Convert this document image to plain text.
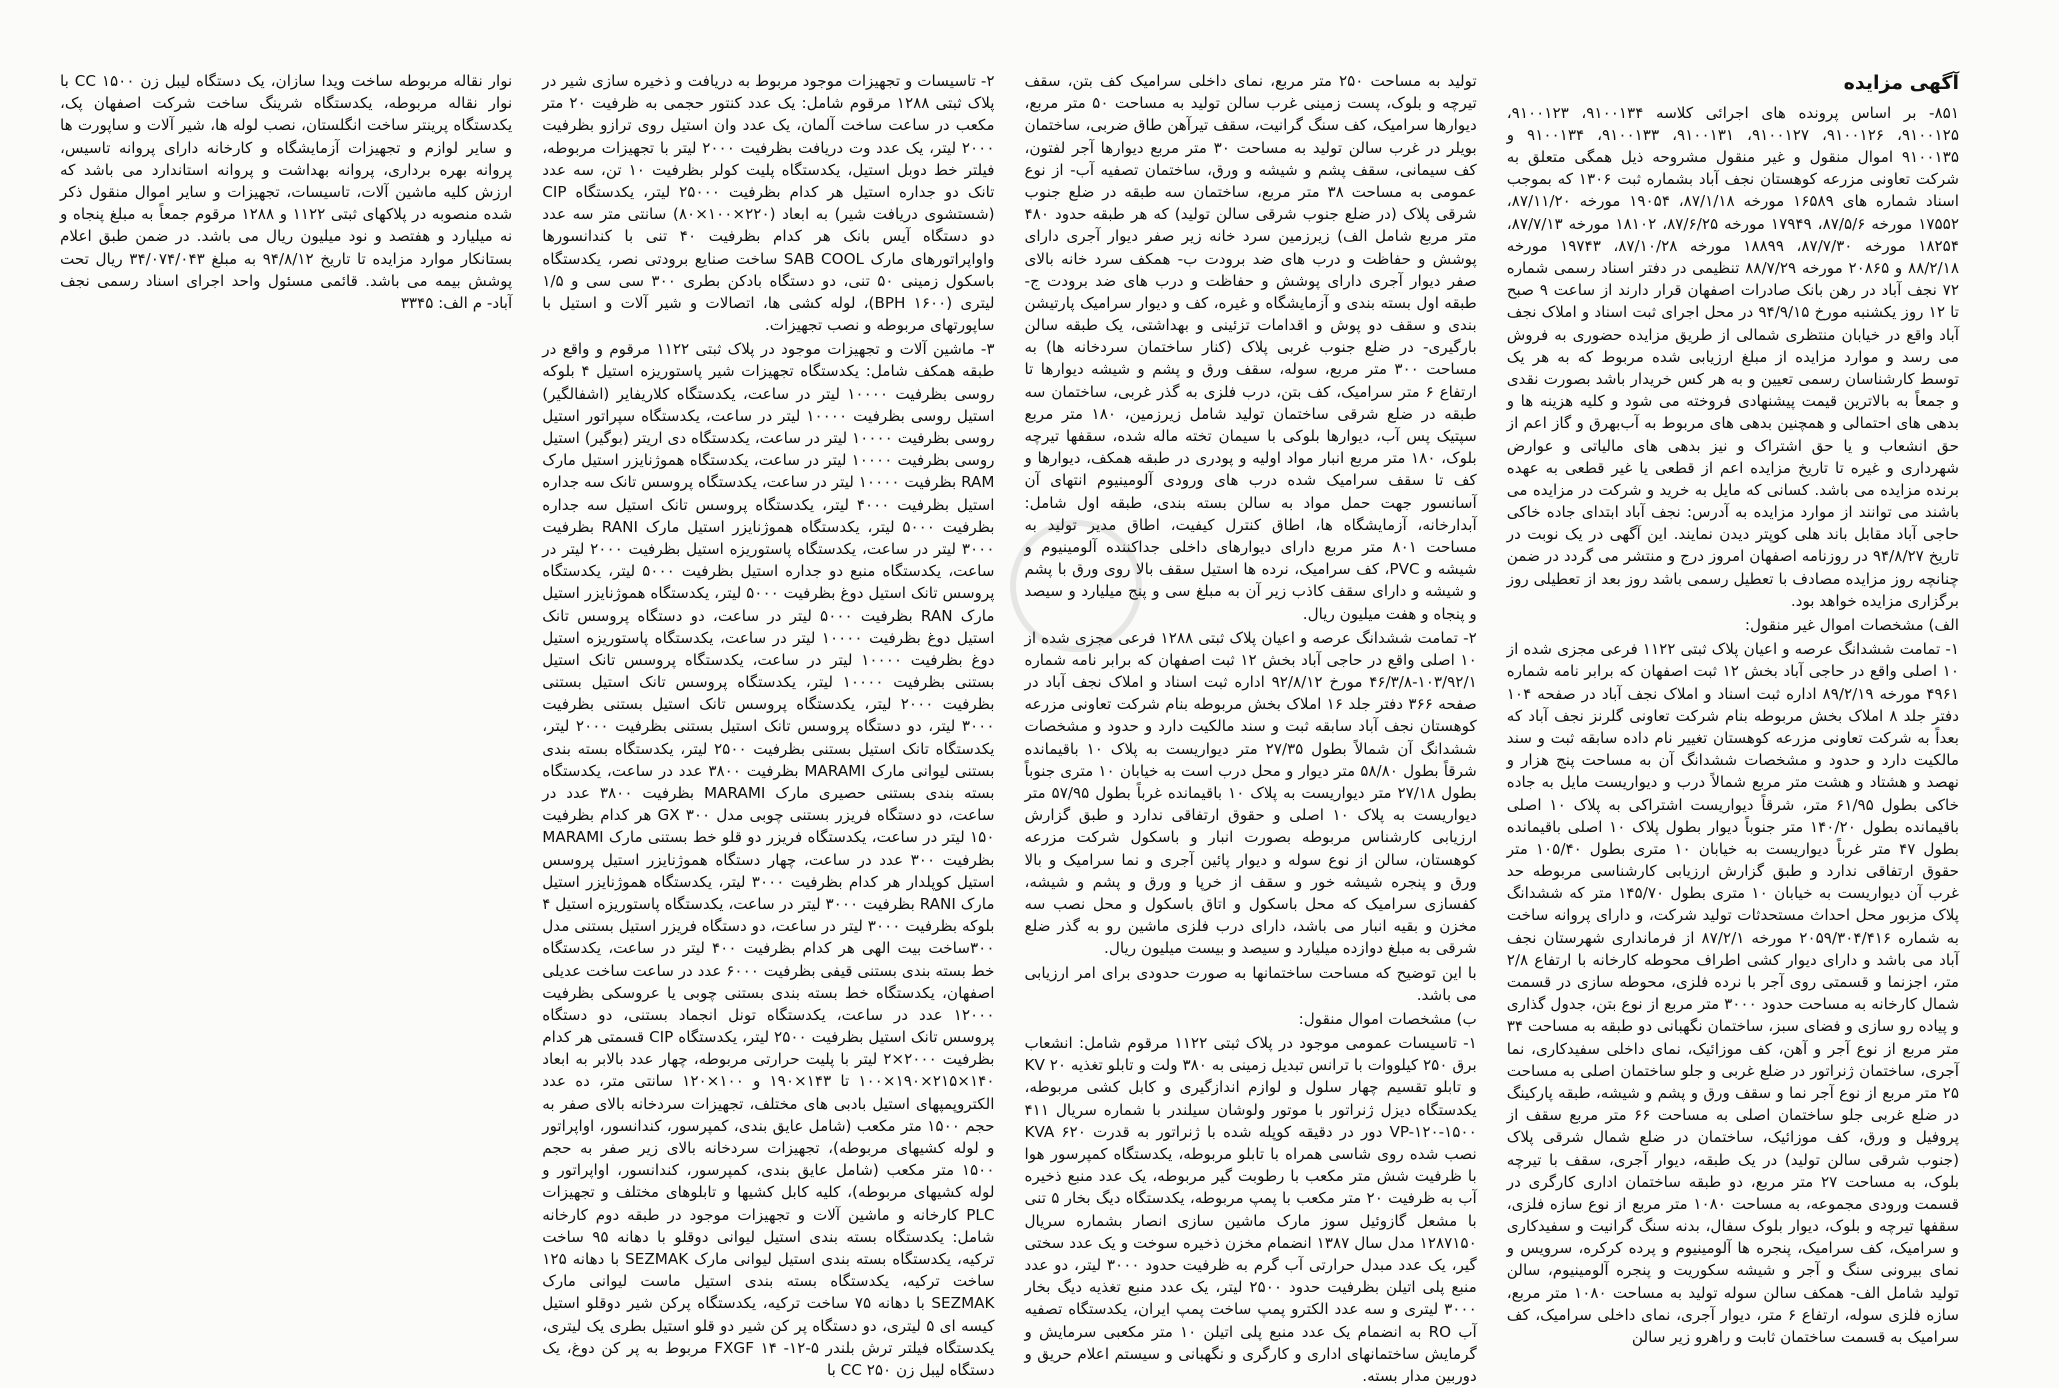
آگهی مزایده

۸۵۱- بر اساس پرونده های اجرائی کلاسه ۹۱۰۰۱۳۴، ۹۱۰۰۱۲۳، ۹۱۰۰۱۲۵، ۹۱۰۰۱۲۶، ۹۱۰۰۱۲۷، ۹۱۰۰۱۳۱، ۹۱۰۰۱۳۳، ۹۱۰۰۱۳۴ و ۹۱۰۰۱۳۵ اموال منقول و غیر منقول مشروحه ذیل همگی متعلق به شرکت تعاونی مزرعه کوهستان نجف آباد بشماره ثبت ۱۳۰۶ که بموجب اسناد شماره های ۱۶۵۸۹ مورخه ۸۷/۱/۱۸، ۱۹۰۵۴ مورخه ۸۷/۱۱/۲۰، ۱۷۵۵۲ مورخه ۸۷/۵/۶، ۱۷۹۴۹ مورخه ۸۷/۶/۲۵، ۱۸۱۰۲ مورخه ۸۷/۷/۱۳، ۱۸۲۵۴ مورخه ۸۷/۷/۳۰، ۱۸۸۹۹ مورخه ۸۷/۱۰/۲۸، ۱۹۷۴۳ مورخه ۸۸/۲/۱۸ و ۲۰۸۶۵ مورخه ۸۸/۷/۲۹ تنظیمی در دفتر اسناد رسمی شماره ۷۲ نجف آباد در رهن بانک صادرات اصفهان قرار دارند از ساعت ۹ صبح تا ۱۲ روز یکشنبه مورخ ۹۴/۹/۱۵ در محل اجرای ثبت اسناد و املاک نجف آباد واقع در خیابان منتظری شمالی از طریق مزایده حضوری به فروش می رسد و موارد مزایده از مبلغ ارزیابی شده مربوط که به هر یک توسط کارشناسان رسمی تعیین و به هر کس خریدار باشد بصورت نقدی و جمعاً به بالاترین قیمت پیشنهادی فروخته می شود و کلیه هزینه ها و بدهی های احتمالی و همچنین بدهی های مربوط به آب‌بهرق و گاز اعم از حق انشعاب و یا حق اشتراک و نیز بدهی های مالیاتی و عوارض شهرداری و غیره تا تاریخ مزایده اعم از قطعی یا غیر قطعی به عهده برنده مزایده می باشد. کسانی که مایل به خرید و شرکت در مزایده می باشند می توانند از موارد مزایده به آدرس: نجف آباد ابتدای جاده خاکی حاجی آباد مقابل باند هلی کوپتر دیدن نمایند. این آگهی در یک نوبت در تاریخ ۹۴/۸/۲۷ در روزنامه اصفهان امروز درج و منتشر می گردد در ضمن چنانچه روز مزایده مصادف با تعطیل رسمی باشد روز بعد از تعطیلی روز برگزاری مزایده خواهد بود.

الف) مشخصات اموال غیر منقول:

۱- تمامت ششدانگ عرصه و اعیان پلاک ثبتی ۱۱۲۲ فرعی مجزی شده از ۱۰ اصلی واقع در حاجی آباد بخش ۱۲ ثبت اصفهان که برابر نامه شماره ۴۹۶۱ مورخه ۸۹/۲/۱۹ اداره ثبت اسناد و املاک نجف آباد در صفحه ۱۰۴ دفتر جلد ۸ املاک بخش مربوطه بنام شرکت تعاونی گلرنز نجف آباد که بعداً به شرکت تعاونی مزرعه کوهستان تغییر نام داده سابقه ثبت و سند مالکیت دارد و حدود و مشخصات ششدانگ آن به مساحت پنج هزار و نهصد و هشتاد و هشت متر مربع شمالاً درب و دیواریست مایل به جاده خاکی بطول ۶۱/۹۵ متر، شرقاً دیواریست اشتراکی به پلاک ۱۰ اصلی باقیمانده بطول ۱۴۰/۲۰ متر جنوباً دیوار بطول پلاک ۱۰ اصلی باقیمانده بطول ۴۷ متر غرباً دیواریست به خیابان ۱۰ متری بطول ۱۰۵/۴۰ متر حقوق ارتفاقی ندارد و طبق گزارش ارزیابی کارشناسی مربوطه حد غرب آن دیواریست به خیابان ۱۰ متری بطول ۱۴۵/۷۰ متر که ششدانگ پلاک مزبور محل احداث مستحدثات تولید شرکت، و دارای پروانه ساخت به شماره ۲۰۵۹/۳۰۴/۴۱۶ مورخه ۸۷/۲/۱ از فرمانداری شهرستان نجف آباد می باشد و دارای دیوار کشی اطراف محوطه کارخانه با ارتفاع ۲/۸ متر، اجزنما و قسمتی روی آجر با نرده فلزی، محوطه سازی در قسمت شمال کارخانه به مساحت حدود ۳۰۰۰ متر مربع از نوع بتن، جدول گذاری و پیاده رو سازی و فضای سبز، ساختمان نگهبانی دو طبقه به مساحت ۳۴ متر مربع از نوع آجر و آهن، کف موزائیک، نمای داخلی سفیدکاری، نما آجری، ساختمان ژنراتور در ضلع غربی و جلو ساختمان اصلی به مساحت ۲۵ متر مربع از نوع آجر نما و سقف ورق و پشم و شیشه، طبقه پارکینگ در ضلع غربی جلو ساختمان اصلی به مساحت ۶۶ متر مربع سقف از پروفیل و ورق، کف موزائیک، ساختمان در ضلع شمال شرقی پلاک (جنوب شرقی سالن تولید) در یک طبقه، دیوار آجری، سقف با تیرچه بلوک، به مساحت ۲۷ متر مربع، دو طبقه ساختمان اداری کارگری در قسمت ورودی مجموعه، به مساحت ۱۰۸۰ متر مربع از نوع سازه فلزی، سقفها تیرچه و بلوک، دیوار بلوک سفال، بدنه سنگ گرانیت و سفیدکاری و سرامیک، کف سرامیک، پنجره ها آلومینیوم و پرده کرکره، سرویس و نمای بیرونی سنگ و آجر و شیشه سکوریت و پنجره آلومینیوم، سالن تولید شامل الف- همکف سالن سوله تولید به مساحت ۱۰۸۰ متر مربع، سازه فلزی سوله، ارتفاع ۶ متر، دیوار آجری، نمای داخلی سرامیک، کف سرامیک به قسمت ساختمان ثابت و راهرو زیر سالن

تولید به مساحت ۲۵۰ متر مربع، نمای داخلی سرامیک کف بتن، سقف تیرچه و بلوک، پست زمینی غرب سالن تولید به مساحت ۵۰ متر مربع، دیوارها سرامیک، کف سنگ گرانیت، سقف تیرآهن طاق ضربی، ساختمان بویلر در غرب سالن تولید به مساحت ۳۰ متر مربع دیوارها آجر لفتون، کف سیمانی، سقف پشم و شیشه و ورق، ساختمان تصفیه آب- از نوع عمومی به مساحت ۳۸ متر مربع، ساختمان سه طبقه در ضلع جنوب شرقی پلاک (در ضلع جنوب شرقی سالن تولید) که هر طبقه حدود ۴۸۰ متر مربع شامل الف) زیرزمین سرد خانه زیر صفر دیوار آجری دارای پوشش و حفاظت و درب های ضد برودت ب- همکف سرد خانه بالای صفر دیوار آجری دارای پوشش و حفاظت و درب های ضد برودت ج- طبقه اول بسته بندی و آزمایشگاه و غیره، کف و دیوار سرامیک پارتیشن بندی و سقف دو پوش و اقدامات تزئینی و بهداشتی، یک طبقه سالن بارگیری- در ضلع جنوب غربی پلاک (کنار ساختمان سردخانه ها) به مساحت ۳۰۰ متر مربع، سوله، سقف ورق و پشم و شیشه دیوارها تا ارتفاع ۶ متر سرامیک، کف بتن، درب فلزی به گذر غربی، ساختمان سه طبقه در ضلع شرقی ساختمان تولید شامل زیرزمین، ۱۸۰ متر مربع سپتیک پس آب، دیوارها بلوکی با سیمان تخته ماله شده، سقفها تیرچه بلوک، ۱۸۰ متر مربع انبار مواد اولیه و پودری در طبقه همکف، دیوارها و کف تا سقف سرامیک شده درب های ورودی آلومینیوم انتهای آن آسانسور جهت حمل مواد به سالن بسته بندی، طبقه اول شامل: آبدارخانه، آزمایشگاه ها، اطاق کنترل کیفیت، اطاق مدیر تولید به مساحت ۸۰۱ متر مربع دارای دیوارهای داخلی جداکننده آلومینیوم و شیشه و PVC، کف سرامیک، نرده ها استیل سقف بالا روی ورق با پشم و شیشه و دارای سقف کاذب زیر آن به مبلغ سی و پنج میلیارد و سیصد و پنجاه و هفت میلیون ریال.

۲- تمامت ششدانگ عرصه و اعیان پلاک ثبتی ۱۲۸۸ فرعی مجزی شده از ۱۰ اصلی واقع در حاجی آباد بخش ۱۲ ثبت اصفهان که برابر نامه شماره ۱۰۳/۹۲/۱-۴۶/۳/۸ مورخ ۹۲/۸/۱۲ اداره ثبت اسناد و املاک نجف آباد در صفحه ۳۶۶ دفتر جلد ۱۶ املاک بخش مربوطه بنام شرکت تعاونی مزرعه کوهستان نجف آباد سابقه ثبت و سند مالکیت دارد و حدود و مشخصات ششدانگ آن شمالاً بطول ۲۷/۳۵ متر دیواریست به پلاک ۱۰ باقیمانده شرقاً بطول ۵۸/۸۰ متر دیوار و محل درب است به خیابان ۱۰ متری جنوباً بطول ۲۷/۱۸ متر دیواریست به پلاک ۱۰ باقیمانده غرباً بطول ۵۷/۹۵ متر دیواریست به پلاک ۱۰ اصلی و حقوق ارتفاقی ندارد و طبق گزارش ارزیابی کارشناس مربوطه بصورت انبار و باسکول شرکت مزرعه کوهستان، سالن از نوع سوله و دیوار پائین آجری و نما سرامیک و بالا ورق و پنجره شیشه خور و سقف از خرپا و ورق و پشم و شیشه، کفسازی سرامیک که محل باسکول و اتاق باسکول و محل نصب سه مخزن و بقیه انبار می باشد، دارای درب فلزی ماشین رو به گذر ضلع شرقی به مبلغ دوازده میلیارد و سیصد و بیست میلیون ریال.

با این توضیح که مساحت ساختمانها به صورت حدودی برای امر ارزیابی می باشد.

ب) مشخصات اموال منقول:

۱- تاسیسات عمومی موجود در پلاک ثبتی ۱۱۲۲ مرقوم شامل: انشعاب برق ۲۵۰ کیلووات با ترانس تبدیل زمینی به ۳۸۰ ولت و تابلو تغذیه KV ۲۰ و تابلو تقسیم چهار سلول و لوازم اندازگیری و کابل کشی مربوطه، یکدستگاه دیزل ژنراتور با موتور ولوشان سیلندر با شماره سریال ۴۱۱ VP-۱۲۰-۱۵۰۰ دور در دقیقه کوپله شده با ژنراتور به قدرت ۶۲۰ KVA نصب شده روی شاسی همراه با تابلو مربوطه، یکدستگاه کمپرسور هوا با ظرفیت شش متر مکعب با رطوبت گیر مربوطه، یک عدد منبع ذخیره آب به ظرفیت ۲۰ متر مکعب با پمپ مربوطه، یکدستگاه دیگ بخار ۵ تنی با مشعل گازوئیل سوز مارک ماشین سازی انصار بشماره سریال ۱۲۸۷۱۵۰ مدل سال ۱۳۸۷ انضمام مخزن ذخیره سوخت و یک عدد سختی گیر، یک عدد مبدل حرارتی آب گرم به ظرفیت حدود ۳۰۰۰ لیتر، دو عدد منبع پلی اتیلن بظرفیت حدود ۲۵۰۰ لیتر، یک عدد منبع تغذیه دیگ بخار ۳۰۰۰ لیتری و سه عدد الکترو پمپ ساخت پمپ ایران، یکدستگاه تصفیه آب RO به انضمام یک عدد منبع پلی اتیلن ۱۰ متر مکعبی سرمایش و گرمایش ساختمانهای اداری و کارگری و نگهبانی و سیستم اعلام حریق و دوربین مدار بسته.

۲- تاسیسات و تجهیزات موجود مربوط به دریافت و ذخیره سازی شیر در پلاک ثبتی ۱۲۸۸ مرقوم شامل: یک عدد کنتور حجمی به ظرفیت ۲۰ متر مکعب در ساعت ساخت آلمان، یک عدد وان استیل روی ترازو بظرفیت ۲۰۰۰ لیتر، یک عدد وت دریافت بظرفیت ۲۰۰۰ لیتر با تجهیزات مربوطه، فیلتر خط دوبل استیل، یکدستگاه پلیت کولر بظرفیت ۱۰ تن، سه عدد تانک دو جداره استیل هر کدام بظرفیت ۲۵۰۰۰ لیتر، یکدستگاه CIP (شستشوی دریافت شیر) به ابعاد (۲۲۰×۱۰۰×۸۰) سانتی متر سه عدد دو دستگاه آیس بانک هر کدام بظرفیت ۴۰ تنی با کندانسورها واواپراتورهای مارک SAB COOL ساخت صنایع برودتی نصر، یکدستگاه باسکول زمینی ۵۰ تنی، دو دستگاه بادکن بطری ۳۰۰ سی سی و ۱/۵ لیتری (BPH ۱۶۰۰)، لوله کشی ها، اتصالات و شیر آلات و استیل با ساپورتهای مربوطه و نصب تجهیزات.

۳- ماشین آلات و تجهیزات موجود در پلاک ثبتی ۱۱۲۲ مرقوم و واقع در طبقه همکف شامل: یکدستگاه تجهیزات شیر پاستوریزه استیل ۴ بلوکه روسی بظرفیت ۱۰۰۰۰ لیتر در ساعت، یکدستگاه کلاریفایر (اشفالگیر) استیل روسی بظرفیت ۱۰۰۰۰ لیتر در ساعت، یکدستگاه سپراتور استیل روسی بظرفیت ۱۰۰۰۰ لیتر در ساعت، یکدستگاه دی اریتر (بوگیر) استیل روسی بظرفیت ۱۰۰۰۰ لیتر در ساعت، یکدستگاه هموژنایزر استیل مارک RAM بظرفیت ۱۰۰۰۰ لیتر در ساعت، یکدستگاه پروسس تانک سه جداره استیل بظرفیت ۴۰۰۰ لیتر، یکدستگاه پروسس تانک استیل سه جداره بظرفیت ۵۰۰۰ لیتر، یکدستگاه هموژنایزر استیل مارک RANI بظرفیت ۳۰۰۰ لیتر در ساعت، یکدستگاه پاستوریزه استیل بظرفیت ۲۰۰۰ لیتر در ساعت، یکدستگاه منبع دو جداره استیل بظرفیت ۵۰۰۰ لیتر، یکدستگاه پروسس تانک استیل دوغ بظرفیت ۵۰۰۰ لیتر، یکدستگاه هموژنایزر استیل مارک RAN بظرفیت ۵۰۰۰ لیتر در ساعت، دو دستگاه پروسس تانک استیل دوغ بظرفیت ۱۰۰۰۰ لیتر در ساعت، یکدستگاه پاستوریزه استیل دوغ بظرفیت ۱۰۰۰۰ لیتر در ساعت، یکدستگاه پروسس تانک استیل بستنی بظرفیت ۱۰۰۰۰ لیتر، یکدستگاه پروسس تانک استیل بستنی بظرفیت ۲۰۰۰ لیتر، یکدستگاه پروسس تانک استیل بستنی بظرفیت ۳۰۰۰ لیتر، دو دستگاه پروسس تانک استیل بستنی بظرفیت ۲۰۰۰ لیتر، یکدستگاه تانک استیل بستنی بظرفیت ۲۵۰۰ لیتر، یکدستگاه بسته بندی بستنی لیوانی مارک MARAMI بظرفیت ۳۸۰۰ عدد در ساعت، یکدستگاه بسته بندی بستنی حصیری مارک MARAMI بظرفیت ۳۸۰۰ عدد در ساعت، دو دستگاه فریزر بستنی چوبی مدل GX ۳۰۰ هر کدام بظرفیت ۱۵۰ لیتر در ساعت، یکدستگاه فریزر دو قلو خط بستنی مارک MARAMI بظرفیت ۳۰۰ عدد در ساعت، چهار دستگاه هموژنایزر استیل پروسس استیل کوپلدار هر کدام بظرفیت ۳۰۰۰ لیتر، یکدستگاه هموژنایزر استیل مارک RANI بظرفیت ۳۰۰۰ لیتر در ساعت، یکدستگاه پاستوریزه استیل ۴ بلوکه بظرفیت ۳۰۰۰ لیتر در ساعت، دو دستگاه فریزر استیل بستنی مدل ۳۰۰ساخت بیت الهی هر کدام بظرفیت ۴۰۰ لیتر در ساعت، یکدستگاه خط بسته بندی بستنی قیفی بظرفیت ۶۰۰۰ عدد در ساعت ساخت عدیلی اصفهان، یکدستگاه خط بسته بندی بستنی چوبی یا عروسکی بظرفیت ۱۲۰۰۰ عدد در ساعت، یکدستگاه تونل انجماد بستنی، دو دستگاه پروسس تانک استیل بظرفیت ۲۵۰۰ لیتر، یکدستگاه CIP قسمتی هر کدام بظرفیت ۲۰۰۰×۲ لیتر با پلیت حرارتی مربوطه، چهار عدد بالابر به ابعاد ۱۴۰×۲۱۵×۱۹۰×۱۰۰ تا ۱۴۳×۱۹۰ و ۱۰۰×۱۲۰ سانتی متر، ده عدد الکتروپمپهای استیل بادبی های مختلف، تجهیزات سردخانه بالای صفر به حجم ۱۵۰۰ متر مکعب (شامل عایق بندی، کمپرسور، کندانسور، اواپراتور و لوله کشیهای مربوطه)، تجهیزات سردخانه بالای زیر صفر به حجم ۱۵۰۰ متر مکعب (شامل عایق بندی، کمپرسور، کندانسور، اواپراتور و لوله کشیهای مربوطه)، کلیه کابل کشیها و تابلوهای مختلف و تجهیزات PLC کارخانه و ماشین آلات و تجهیزات موجود در طبقه دوم کارخانه شامل: یکدستگاه بسته بندی استیل لیوانی دوقلو با دهانه ۹۵ ساخت ترکیه، یکدستگاه بسته بندی استیل لیوانی مارک SEZMAK با دهانه ۱۲۵ ساخت ترکیه، یکدستگاه بسته بندی استیل ماست لیوانی مارک SEZMAK با دهانه ۷۵ ساخت ترکیه، یکدستگاه پرکن شیر دوقلو استیل کیسه ای ۵ لیتری، دو دستگاه پر کن شیر دو قلو استیل بطری یک لیتری، یکدستگاه فیلتر ترش بلندر ۵-۱۲- FXGF ۱۴ مربوط به پر کن دوغ، یک دستگاه لیبل زن CC ۲۵۰ با

نوار نقاله مربوطه ساخت ویدا سازان، یک دستگاه لیبل زن CC ۱۵۰۰ با نوار نقاله مربوطه، یکدستگاه شرینگ ساخت شرکت اصفهان پک، یکدستگاه پرینتر ساخت انگلستان، نصب لوله ها، شیر آلات و ساپورت ها و سایر لوازم و تجهیزات آزمایشگاه و کارخانه دارای پروانه تاسیس، پروانه بهره برداری، پروانه بهداشت و پروانه استاندارد می باشد که ارزش کلیه ماشین آلات، تاسیسات، تجهیزات و سایر اموال منقول ذکر شده منصوبه در پلاکهای ثبتی ۱۱۲۲ و ۱۲۸۸ مرقوم جمعاً به مبلغ پنجاه و نه میلیارد و هفتصد و نود میلیون ریال می باشد. در ضمن طبق اعلام بستانکار موارد مزایده تا تاریخ ۹۴/۸/۱۲ به مبلغ ۳۴/۰۷۴/۰۴۳ ریال تحت پوشش بیمه می باشد. قائمی مسئول واحد اجرای اسناد رسمی نجف آباد- م الف: ۳۳۴۵
